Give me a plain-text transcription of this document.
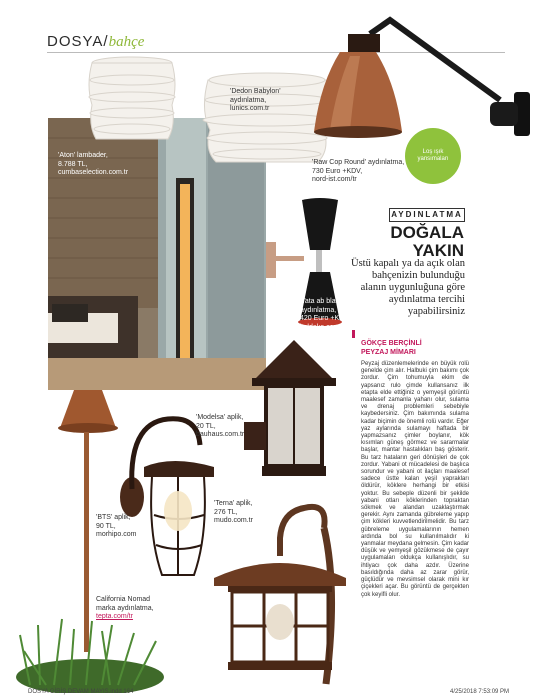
DOSYA/bahçe
'Aton' lambader,
8.788 TL,
cumbaselection.com.tr
'Dedon Babylon'
aydınlatma,
lunics.com.tr
'Raw Cop Round' aydınlatma,
730 Euro +KDV,
nord-ist.com/tr
'Tata ab black'
aydınlatma,
420 Euro +KDV,
italdeko.com
'Modelsa' aplik,
20 TL,
bauhaus.com.tr
'Terna' aplik,
276 TL,
mudo.com.tr
'BTS' aplik,
90 TL,
morhipo.com
California Nomad
marka aydınlatma,
tepta.com/tr
Loş ışık
yansımaları
AYDINLATMA
DOĞALA
YAKIN
Üstü kapalı ya da açık olan bahçenizin bulunduğu alanın uygunluğuna göre aydınlatma tercihi yapabilirsiniz
GÖKÇE BERÇİNLİ
PEYZAJ MİMARI
Peyzaj düzenlemelerinde en büyük rolü genelde çim alır. Halbuki çim bakımı çok zordur. Çim tohumuyla ekim de yapsanız rulo çimde kullansanız ilk etapta elde ettiğiniz o yemyeşil görüntü maalesef zamanla yahanı olur, sulama ve drenaj problemleri sebebiyle kaybedersiniz. Çim bakımında sulama kadar biçimin de önemli rolü vardır. Eğer yaz aylarında sulamayı haftada bir yapmazsanız çimler boylanır, kök kısımları güneş görmez ve sararmalar başlar, mantar hastalıkları baş gösterir. Bu tarz hataların geri dönüşleri de çok zordur. Yabani ot mücadelesi de başlıca sorundur ve yabani ot ilaçları maalesef sadece üstte kalan yeşil yaprakları öldürür, köklere herhangi bir etkisi yoktur. Bu sebeple düzenli bir şekilde yabani otları köklerinden topraktan sökmek ve alandan uzaklaştırmak gerekir. Aynı zamanda gübreleme yapıp çim kökleri kuvvetlendirilmelidir. Bu tarz gübreleme uygulamalarının hemen ardında bol su kullanılmalıdır ki yanmalar meydana gelmesin. Çim kadar düşük ve yemyeşil gözükmese de çayır uygulamaları oldukça kullanışlıdır, su ihtiyacı çok daha azdır. Üzerine basıldığında daha az zarar görür, güçlüdür ve mevsimsel olarak mini kır çiçekleri açar. Bu görüntü de gerçekten çok keyifli olur.
DOSYA GİRİŞ DEVAM MAYIS.indd 164	4/25/2018 7:53:09 PM
